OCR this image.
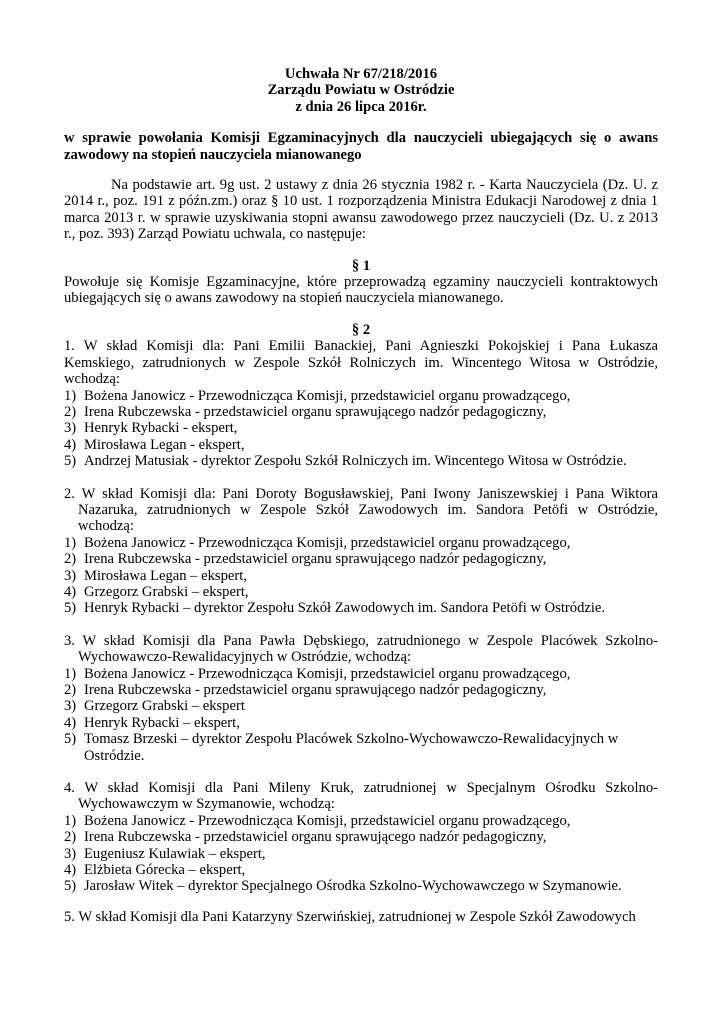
Uchwała Nr 67/218/2016
Zarządu Powiatu w Ostródzie
z dnia 26 lipca 2016r.
w sprawie powołania Komisji Egzaminacyjnych dla nauczycieli ubiegających się o awans zawodowy na stopień nauczyciela mianowanego
Na podstawie art. 9g ust. 2 ustawy z dnia 26 stycznia 1982 r. - Karta Nauczyciela (Dz. U. z 2014 r., poz. 191 z późn.zm.) oraz § 10 ust. 1 rozporządzenia Ministra Edukacji Narodowej z dnia 1 marca 2013 r. w sprawie uzyskiwania stopni awansu zawodowego przez nauczycieli (Dz. U. z 2013 r., poz. 393) Zarząd Powiatu uchwala, co następuje:
§ 1
Powołuje się Komisje Egzaminacyjne, które przeprowadzą egzaminy nauczycieli kontraktowych ubiegających się o awans zawodowy na stopień nauczyciela mianowanego.
§ 2
1. W skład Komisji dla: Pani Emilii Banackiej, Pani Agnieszki Pokojskiej i Pana Łukasza Kemskiego, zatrudnionych w Zespole Szkół Rolniczych im. Wincentego Witosa w Ostródzie, wchodzą:
1) Bożena Janowicz - Przewodnicząca Komisji, przedstawiciel organu prowadzącego,
2) Irena Rubczewska - przedstawiciel organu sprawującego nadzór pedagogiczny,
3) Henryk Rybacki - ekspert,
4) Mirosława Legan - ekspert,
5) Andrzej Matusiak - dyrektor Zespołu Szkół Rolniczych im. Wincentego Witosa w Ostródzie.
2. W skład Komisji dla: Pani Doroty Bogusławskiej, Pani Iwony Janiszewskiej i Pana Wiktora Nazaruka, zatrudnionych w Zespole Szkół Zawodowych im. Sandora Petöfi w Ostródzie, wchodzą:
1) Bożena Janowicz - Przewodnicząca Komisji, przedstawiciel organu prowadzącego,
2) Irena Rubczewska - przedstawiciel organu sprawującego nadzór pedagogiczny,
3) Mirosława Legan – ekspert,
4) Grzegorz Grabski – ekspert,
5) Henryk Rybacki – dyrektor Zespołu Szkół Zawodowych im. Sandora Petöfi w Ostródzie.
3. W skład Komisji dla Pana Pawła Dębskiego, zatrudnionego w Zespole Placówek Szkolno-Wychowawczo-Rewalidacyjnych w Ostródzie, wchodzą:
1) Bożena Janowicz - Przewodnicząca Komisji, przedstawiciel organu prowadzącego,
2) Irena Rubczewska - przedstawiciel organu sprawującego nadzór pedagogiczny,
3) Grzegorz Grabski – ekspert
4) Henryk Rybacki – ekspert,
5) Tomasz Brzeski – dyrektor Zespołu Placówek Szkolno-Wychowawczo-Rewalidacyjnych w Ostródzie.
4. W skład Komisji dla Pani Mileny Kruk, zatrudnionej w Specjalnym Ośrodku Szkolno-Wychowawczym w Szymanowie, wchodzą:
1) Bożena Janowicz - Przewodnicząca Komisji, przedstawiciel organu prowadzącego,
2) Irena Rubczewska - przedstawiciel organu sprawującego nadzór pedagogiczny,
3) Eugeniusz Kulawiak – ekspert,
4) Elżbieta Górecka – ekspert,
5) Jarosław Witek – dyrektor Specjalnego Ośrodka Szkolno-Wychowawczego w Szymanowie.
5. W skład Komisji dla Pani Katarzyny Szerwińskiej, zatrudnionej w Zespole Szkół Zawodowych
